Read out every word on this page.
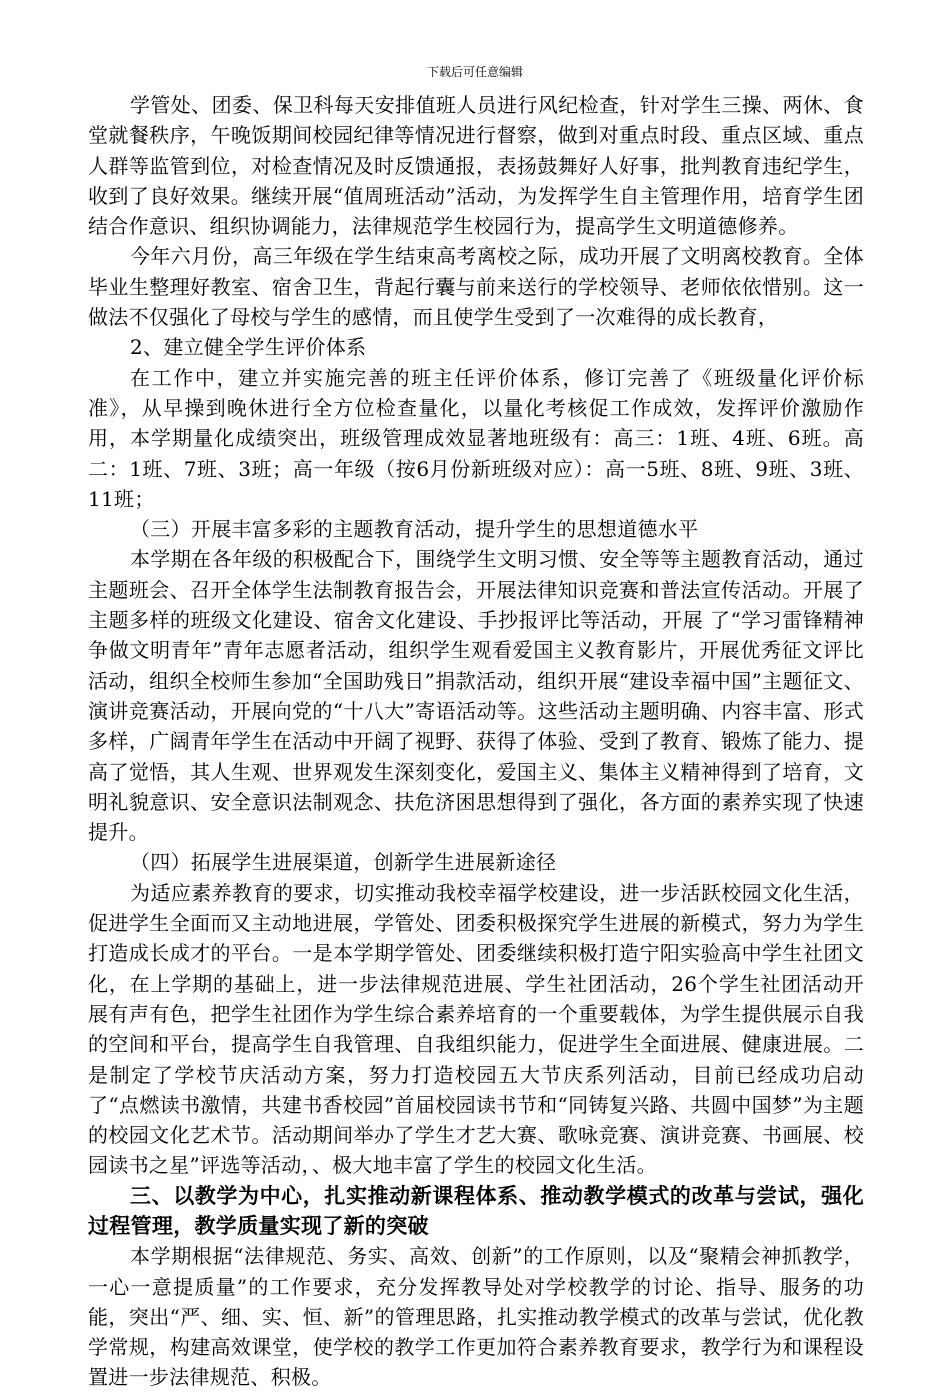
下载后可任意编辑

学管处、团委、保卫科每天安排值班人员进行风纪检查，针对学生三操、两休、食堂就餐秩序，午晚饭期间校园纪律等情况进行督察，做到对重点时段、重点区域、重点人群等监管到位，对检查情况及时反馈通报，表扬鼓舞好人好事，批判教育违纪学生，收到了良好效果。继续开展“值周班活动”活动，为发挥学生自主管理作用，培育学生团结合作意识、组织协调能力，法律规范学生校园行为，提高学生文明道德修养。

今年六月份，高三年级在学生结束高考离校之际，成功开展了文明离校教育。全体毕业生整理好教室、宿舍卫生，背起行囊与前来送行的学校领导、老师依依惜别。这一做法不仅强化了母校与学生的感情，而且使学生受到了一次难得的成长教育，

2、建立健全学生评价体系

在工作中，建立并实施完善的班主任评价体系，修订完善了《班级量化评价标准》，从早操到晚休进行全方位检查量化，以量化考核促工作成效，发挥评价激励作用，本学期量化成绩突出，班级管理成效显著地班级有：高三：1班、4班、6班。高二：1班、7班、3班；高一年级（按6月份新班级对应）：高一5班、8班、9班、3班、11班；

（三）开展丰富多彩的主题教育活动，提升学生的思想道德水平

本学期在各年级的积极配合下，围绕学生文明习惯、安全等等主题教育活动，通过主题班会、召开全体学生法制教育报告会，开展法律知识竞赛和普法宣传活动。开展了主题多样的班级文化建设、宿舍文化建设、手抄报评比等活动，开展 了“学习雷锋精神 争做文明青年”青年志愿者活动，组织学生观看爱国主义教育影片，开展优秀征文评比活动，组织全校师生参加“全国助残日”捐款活动，组织开展“建设幸福中国”主题征文、演讲竞赛活动，开展向党的“十八大”寄语活动等。这些活动主题明确、内容丰富、形式多样，广阔青年学生在活动中开阔了视野、获得了体验、受到了教育、锻炼了能力、提高了觉悟，其人生观、世界观发生深刻变化，爱国主义、集体主义精神得到了培育，文明礼貌意识、安全意识法制观念、扶危济困思想得到了强化，各方面的素养实现了快速提升。

（四）拓展学生进展渠道，创新学生进展新途径

为适应素养教育的要求，切实推动我校幸福学校建设，进一步活跃校园文化生活，促进学生全面而又主动地进展，学管处、团委积极探究学生进展的新模式，努力为学生打造成长成才的平台。一是本学期学管处、团委继续积极打造宁阳实验高中学生社团文化，在上学期的基础上，进一步法律规范进展、学生社团活动，26个学生社团活动开展有声有色，把学生社团作为学生综合素养培育的一个重要载体，为学生提供展示自我的空间和平台，提高学生自我管理、自我组织能力，促进学生全面进展、健康进展。二是制定了学校节庆活动方案，努力打造校园五大节庆系列活动，目前已经成功启动了“点燃读书激情，共建书香校园”首届校园读书节和“同铸复兴路、共圆中国梦”为主题的校园文化艺术节。活动期间举办了学生才艺大赛、歌咏竞赛、演讲竞赛、书画展、校园读书之星”评选等活动，、极大地丰富了学生的校园文化生活。

三、以教学为中心，扎实推动新课程体系、推动教学模式的改革与尝试，强化过程管理，教学质量实现了新的突破

本学期根据“法律规范、务实、高效、创新”的工作原则，以及“聚精会神抓教学，一心一意提质量”的工作要求，充分发挥教导处对学校教学的讨论、指导、服务的功能，突出“严、细、实、恒、新”的管理思路，扎实推动教学模式的改革与尝试，优化教学常规，构建高效课堂，使学校的教学工作更加符合素养教育要求，教学行为和课程设置进一步法律规范、积极。
